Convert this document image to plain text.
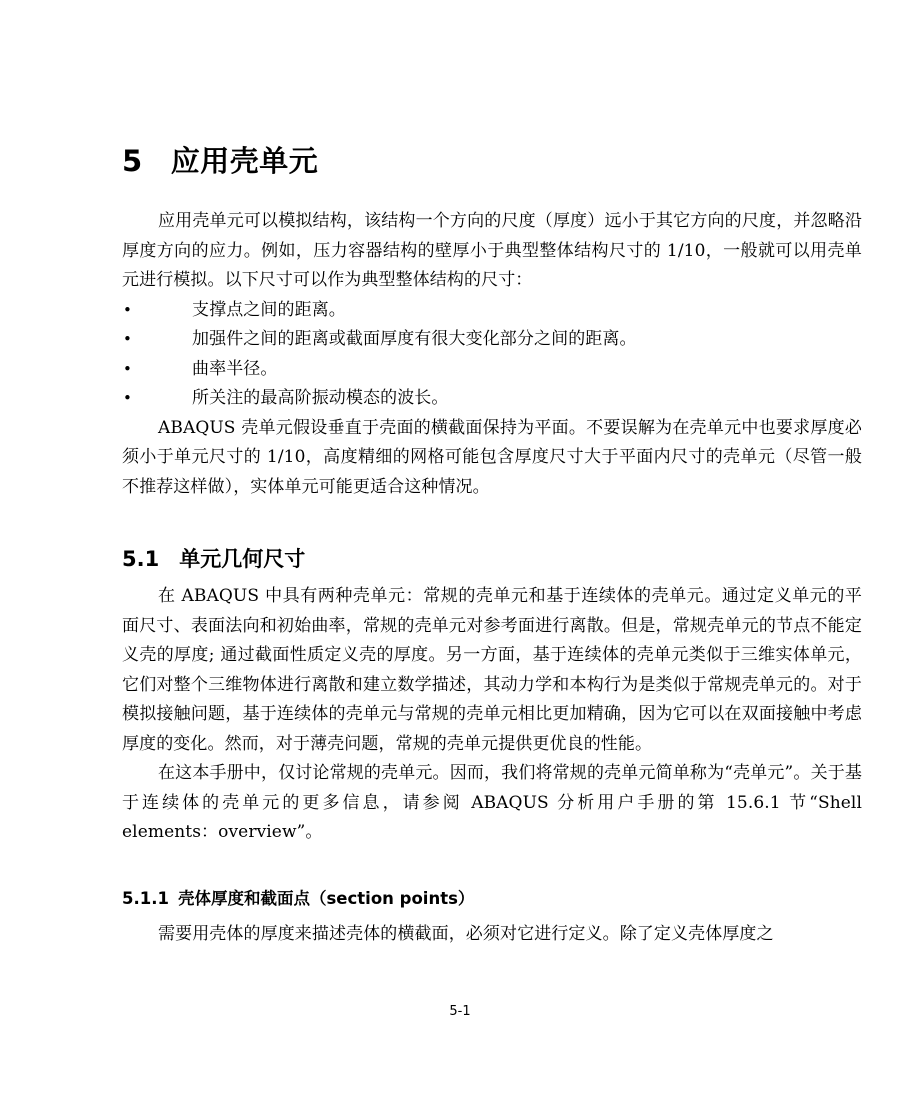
5 应用壳单元

应用壳单元可以模拟结构，该结构一个方向的尺度（厚度）远小于其它方向的尺度，并忽略沿厚度方向的应力。例如，压力容器结构的壁厚小于典型整体结构尺寸的 1/10，一般就可以用壳单元进行模拟。以下尺寸可以作为典型整体结构的尺寸：

•	支撑点之间的距离。
•	加强件之间的距离或截面厚度有很大变化部分之间的距离。
•	曲率半径。
•	所关注的最高阶振动模态的波长。

ABAQUS 壳单元假设垂直于壳面的横截面保持为平面。不要误解为在壳单元中也要求厚度必须小于单元尺寸的 1/10，高度精细的网格可能包含厚度尺寸大于平面内尺寸的壳单元（尽管一般不推荐这样做），实体单元可能更适合这种情况。

5.1 单元几何尺寸

在 ABAQUS 中具有两种壳单元：常规的壳单元和基于连续体的壳单元。通过定义单元的平面尺寸、表面法向和初始曲率，常规的壳单元对参考面进行离散。但是，常规壳单元的节点不能定义壳的厚度; 通过截面性质定义壳的厚度。另一方面，基于连续体的壳单元类似于三维实体单元，它们对整个三维物体进行离散和建立数学描述，其动力学和本构行为是类似于常规壳单元的。对于模拟接触问题，基于连续体的壳单元与常规的壳单元相比更加精确，因为它可以在双面接触中考虑厚度的变化。然而，对于薄壳问题，常规的壳单元提供更优良的性能。

在这本手册中，仅讨论常规的壳单元。因而，我们将常规的壳单元简单称为“壳单元”。关于基于连续体的壳单元的更多信息，请参阅 ABAQUS 分析用户手册的第 15.6.1 节“Shell elements：overview”。

5.1.1 壳体厚度和截面点（section points）

需要用壳体的厚度来描述壳体的横截面，必须对它进行定义。除了定义壳体厚度之

5-1
